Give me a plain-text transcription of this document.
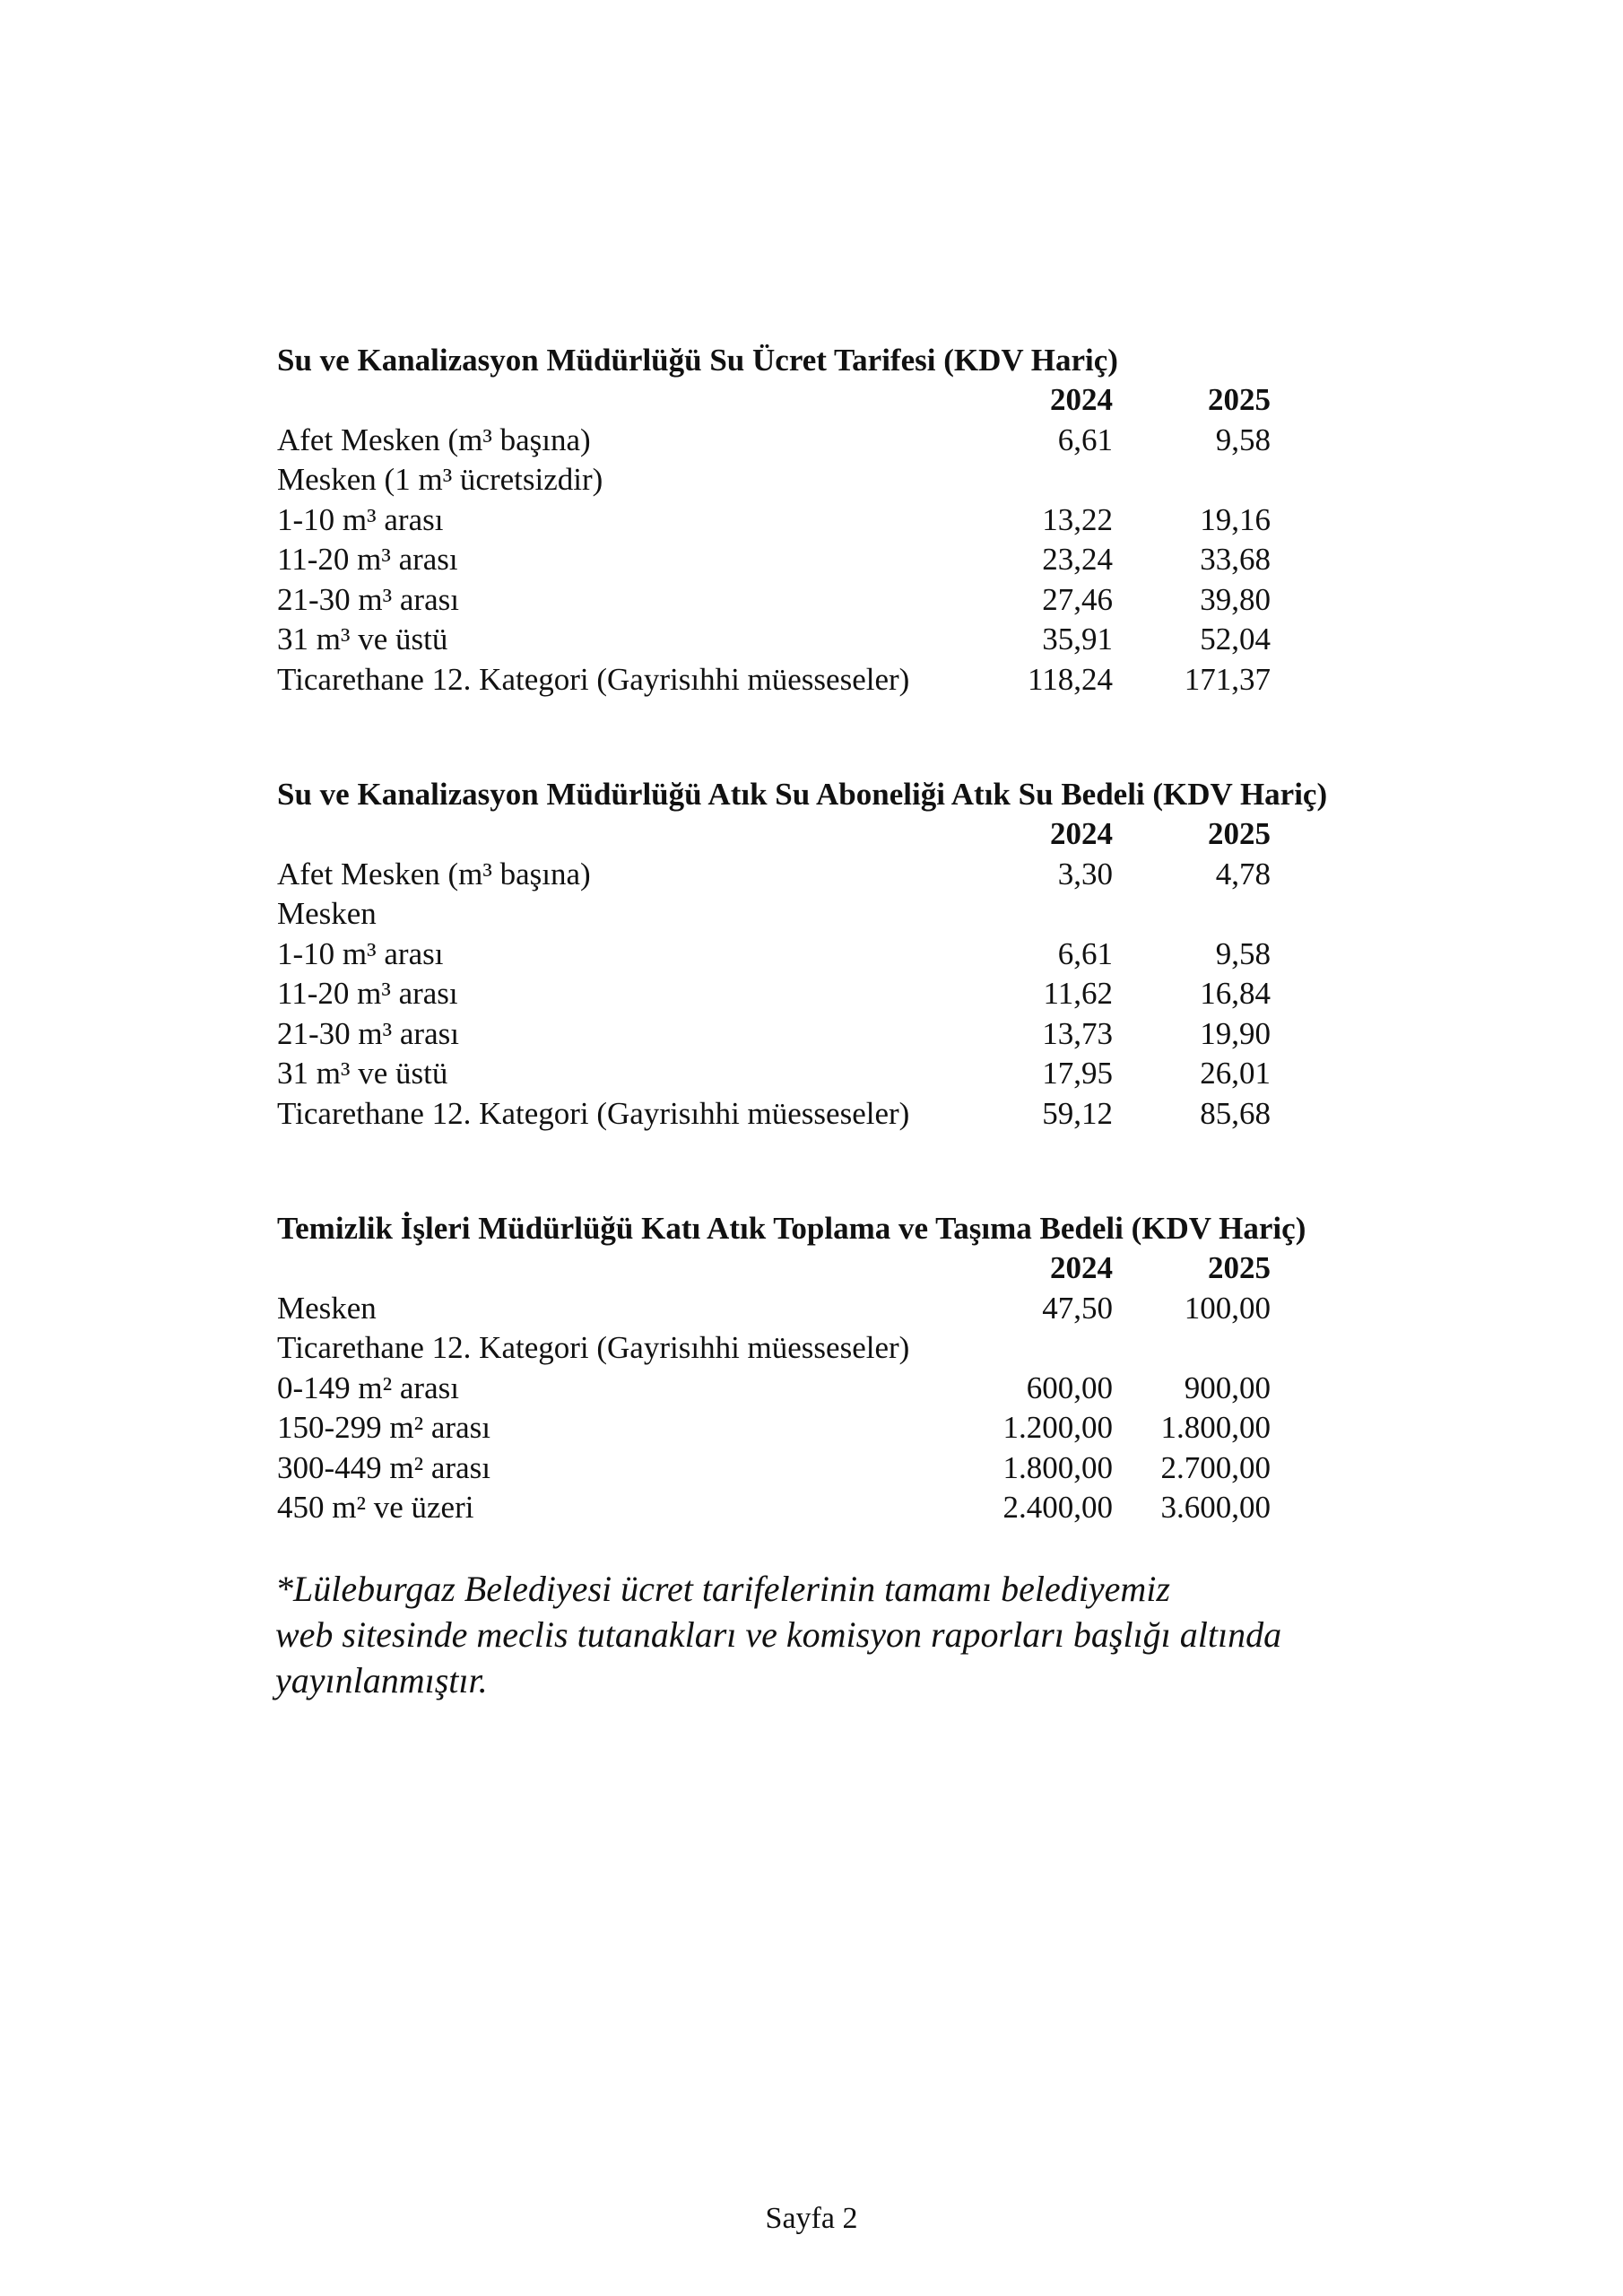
Su ve Kanalizasyon Müdürlüğü Su Ücret Tarifesi (KDV Hariç)
2024	2025
Afet Mesken (m³ başına)	6,61	9,58
Mesken (1 m³ ücretsizdir)
1-10 m³ arası	13,22	19,16
11-20 m³ arası	23,24	33,68
21-30 m³ arası	27,46	39,80
31 m³ ve üstü	35,91	52,04
Ticarethane 12. Kategori (Gayrisıhhi müesseseler)	118,24	171,37
Su ve Kanalizasyon Müdürlüğü Atık Su Aboneliği Atık Su Bedeli (KDV Hariç)
2024	2025
Afet Mesken (m³ başına)	3,30	4,78
Mesken
1-10 m³ arası	6,61	9,58
11-20 m³ arası	11,62	16,84
21-30 m³ arası	13,73	19,90
31 m³ ve üstü	17,95	26,01
Ticarethane 12. Kategori (Gayrisıhhi müesseseler)	59,12	85,68
Temizlik İşleri Müdürlüğü Katı Atık Toplama ve Taşıma Bedeli (KDV Hariç)
2024	2025
Mesken	47,50	100,00
Ticarethane 12. Kategori (Gayrisıhhi müesseseler)
0-149 m² arası	600,00	900,00
150-299 m² arası	1.200,00	1.800,00
300-449 m² arası	1.800,00	2.700,00
450 m² ve üzeri	2.400,00	3.600,00
*Lüleburgaz Belediyesi ücret tarifelerinin tamamı belediyemiz
web sitesinde meclis tutanakları ve komisyon raporları başlığı altında
yayınlanmıştır.
Sayfa 2
